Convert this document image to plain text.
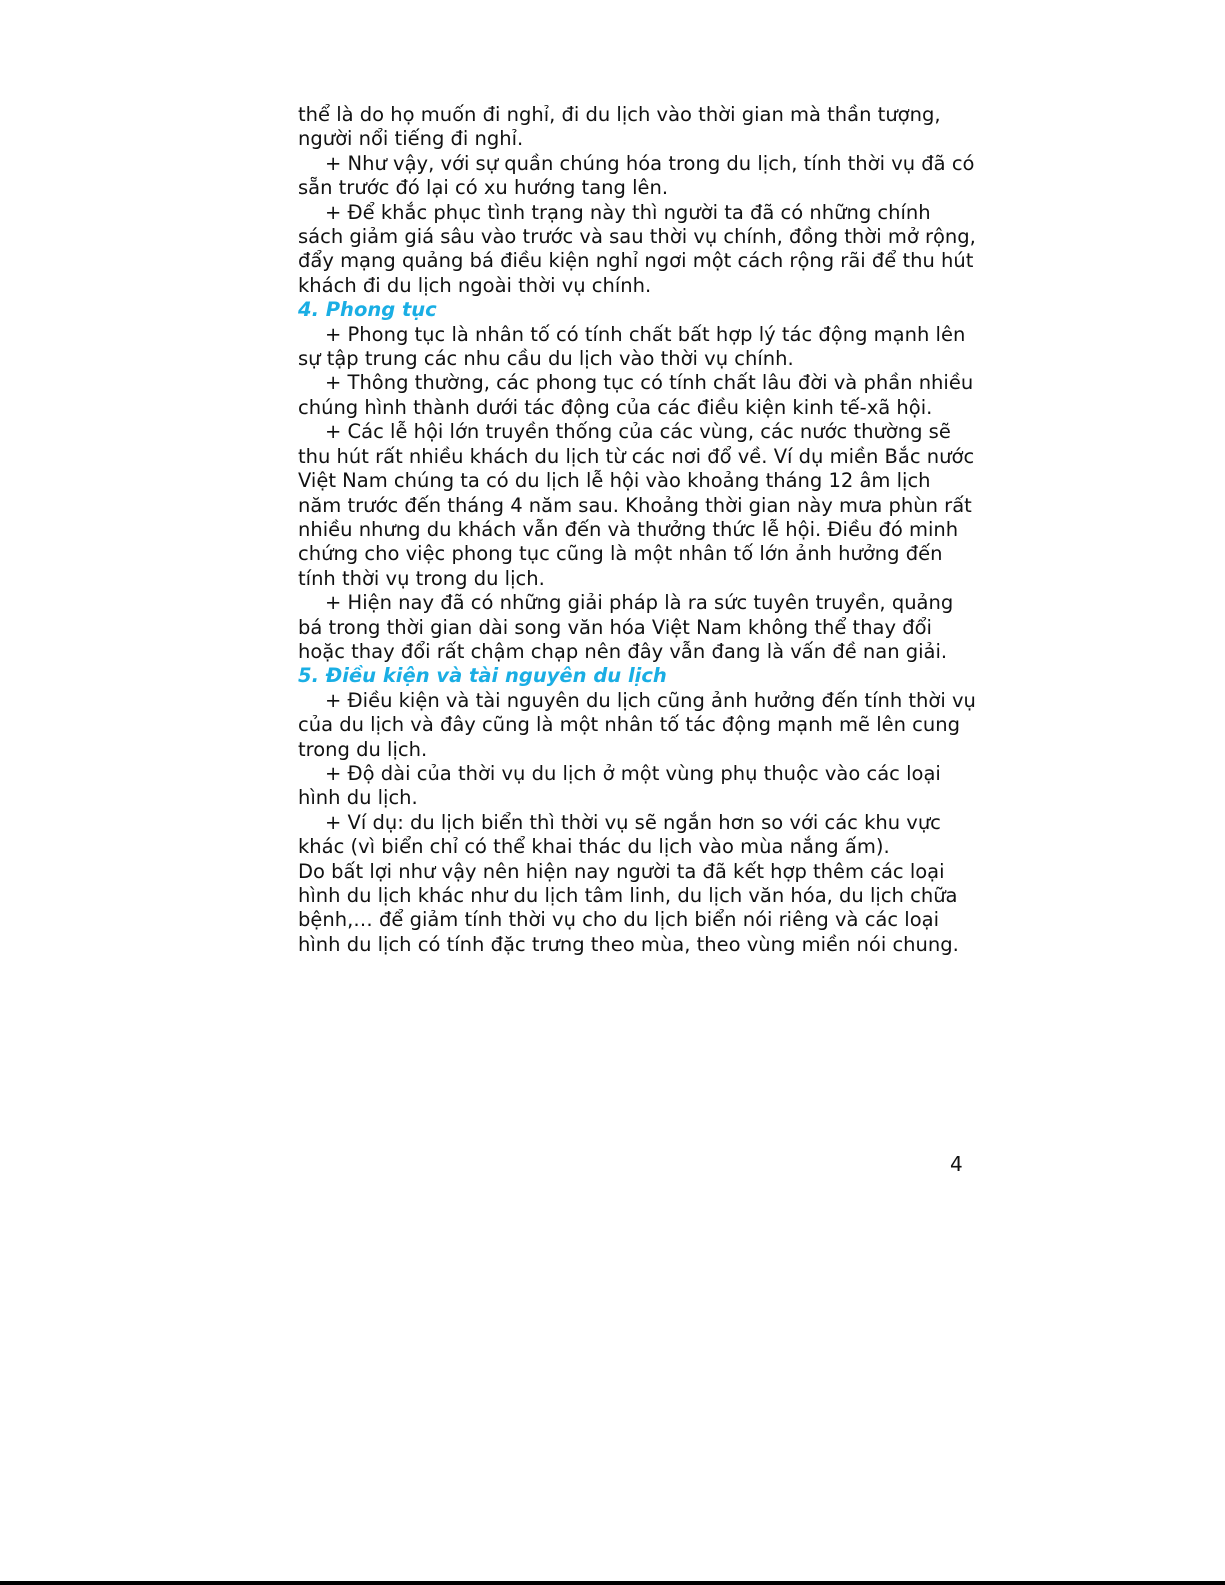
thể là do họ muốn đi nghỉ, đi du lịch vào thời gian mà thần tượng, người nổi tiếng đi nghỉ.

+ Như vậy, với sự quần chúng hóa trong du lịch, tính thời vụ đã có sẵn trước đó lại có xu hướng tang lên.

+ Để khắc phục tình trạng này thì người ta đã có những chính sách giảm giá sâu vào trước và sau thời vụ chính, đồng thời mở rộng, đẩy mạng quảng bá điều kiện nghỉ ngơi một cách rộng rãi để thu hút khách đi du lịch ngoài thời vụ chính.

4. Phong tục

+ Phong tục là nhân tố có tính chất bất hợp lý tác động mạnh lên sự tập trung các nhu cầu du lịch vào thời vụ chính.

+ Thông thường, các phong tục có tính chất lâu đời và phần nhiều chúng hình thành dưới tác động của các điều kiện kinh tế-xã hội.

+ Các lễ hội lớn truyền thống của các vùng, các nước thường sẽ thu hút rất nhiều khách du lịch từ các nơi đổ về. Ví dụ miền Bắc nước Việt Nam chúng ta có du lịch lễ hội vào khoảng tháng 12 âm lịch năm trước đến tháng 4 năm sau. Khoảng thời gian này mưa phùn rất nhiều nhưng du khách vẫn đến và thưởng thức lễ hội. Điều đó minh chứng cho việc phong tục cũng là một nhân tố lớn ảnh hưởng đến tính thời vụ trong du lịch.

+ Hiện nay đã có những giải pháp là ra sức tuyên truyền, quảng bá trong thời gian dài song văn hóa Việt Nam không thể thay đổi hoặc thay đổi rất chậm chạp nên đây vẫn đang là vấn đề nan giải.

5. Điều kiện và tài nguyên du lịch

+ Điều kiện và tài nguyên du lịch cũng ảnh hưởng đến tính thời vụ của du lịch và đây cũng là một nhân tố tác động mạnh mẽ lên cung trong du lịch.

+ Độ dài của thời vụ du lịch ở một vùng phụ thuộc vào các loại hình du lịch.

+ Ví dụ: du lịch biển thì thời vụ sẽ ngắn hơn so với các khu vực khác (vì biển chỉ có thể khai thác du lịch vào mùa nắng ấm).

Do bất lợi như vậy nên hiện nay người ta đã kết hợp thêm các loại hình du lịch khác như du lịch tâm linh, du lịch văn hóa, du lịch chữa bệnh,… để giảm tính thời vụ cho du lịch biển nói riêng và các loại hình du lịch có tính đặc trưng theo mùa, theo vùng miền nói chung.

4
